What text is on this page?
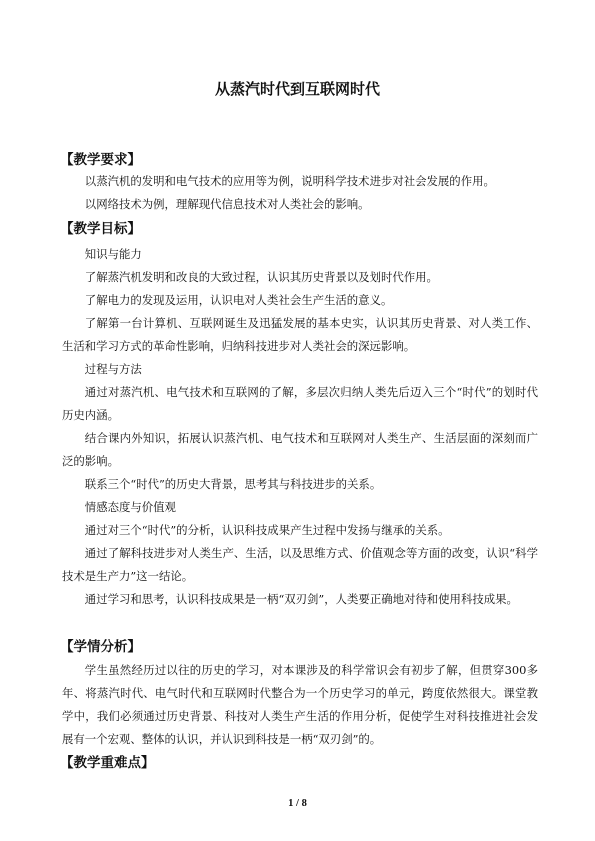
从蒸汽时代到互联网时代
【教学要求】
以蒸汽机的发明和电气技术的应用等为例，说明科学技术进步对社会发展的作用。
以网络技术为例，理解现代信息技术对人类社会的影响。
【教学目标】
知识与能力
了解蒸汽机发明和改良的大致过程，认识其历史背景以及划时代作用。
了解电力的发现及运用，认识电对人类社会生产生活的意义。
了解第一台计算机、互联网诞生及迅猛发展的基本史实，认识其历史背景、对人类工作、生活和学习方式的革命性影响，归纳科技进步对人类社会的深远影响。
过程与方法
通过对蒸汽机、电气技术和互联网的了解，多层次归纳人类先后迈入三个“时代”的划时代历史内涵。
结合课内外知识，拓展认识蒸汽机、电气技术和互联网对人类生产、生活层面的深刻而广泛的影响。
联系三个“时代”的历史大背景，思考其与科技进步的关系。
情感态度与价值观
通过对三个“时代”的分析，认识科技成果产生过程中发扬与继承的关系。
通过了解科技进步对人类生产、生活，以及思维方式、价值观念等方面的改变，认识“科学技术是生产力”这一结论。
通过学习和思考，认识科技成果是一柄“双刃剑”，人类要正确地对待和使用科技成果。
【学情分析】
学生虽然经历过以往的历史的学习，对本课涉及的科学常识会有初步了解，但贯穿300多年、将蒸汽时代、电气时代和互联网时代整合为一个历史学习的单元，跨度依然很大。课堂教学中，我们必须通过历史背景、科技对人类生产生活的作用分析，促使学生对科技推进社会发展有一个宏观、整体的认识，并认识到科技是一柄“双刃剑”的。
【教学重难点】
1 / 8
